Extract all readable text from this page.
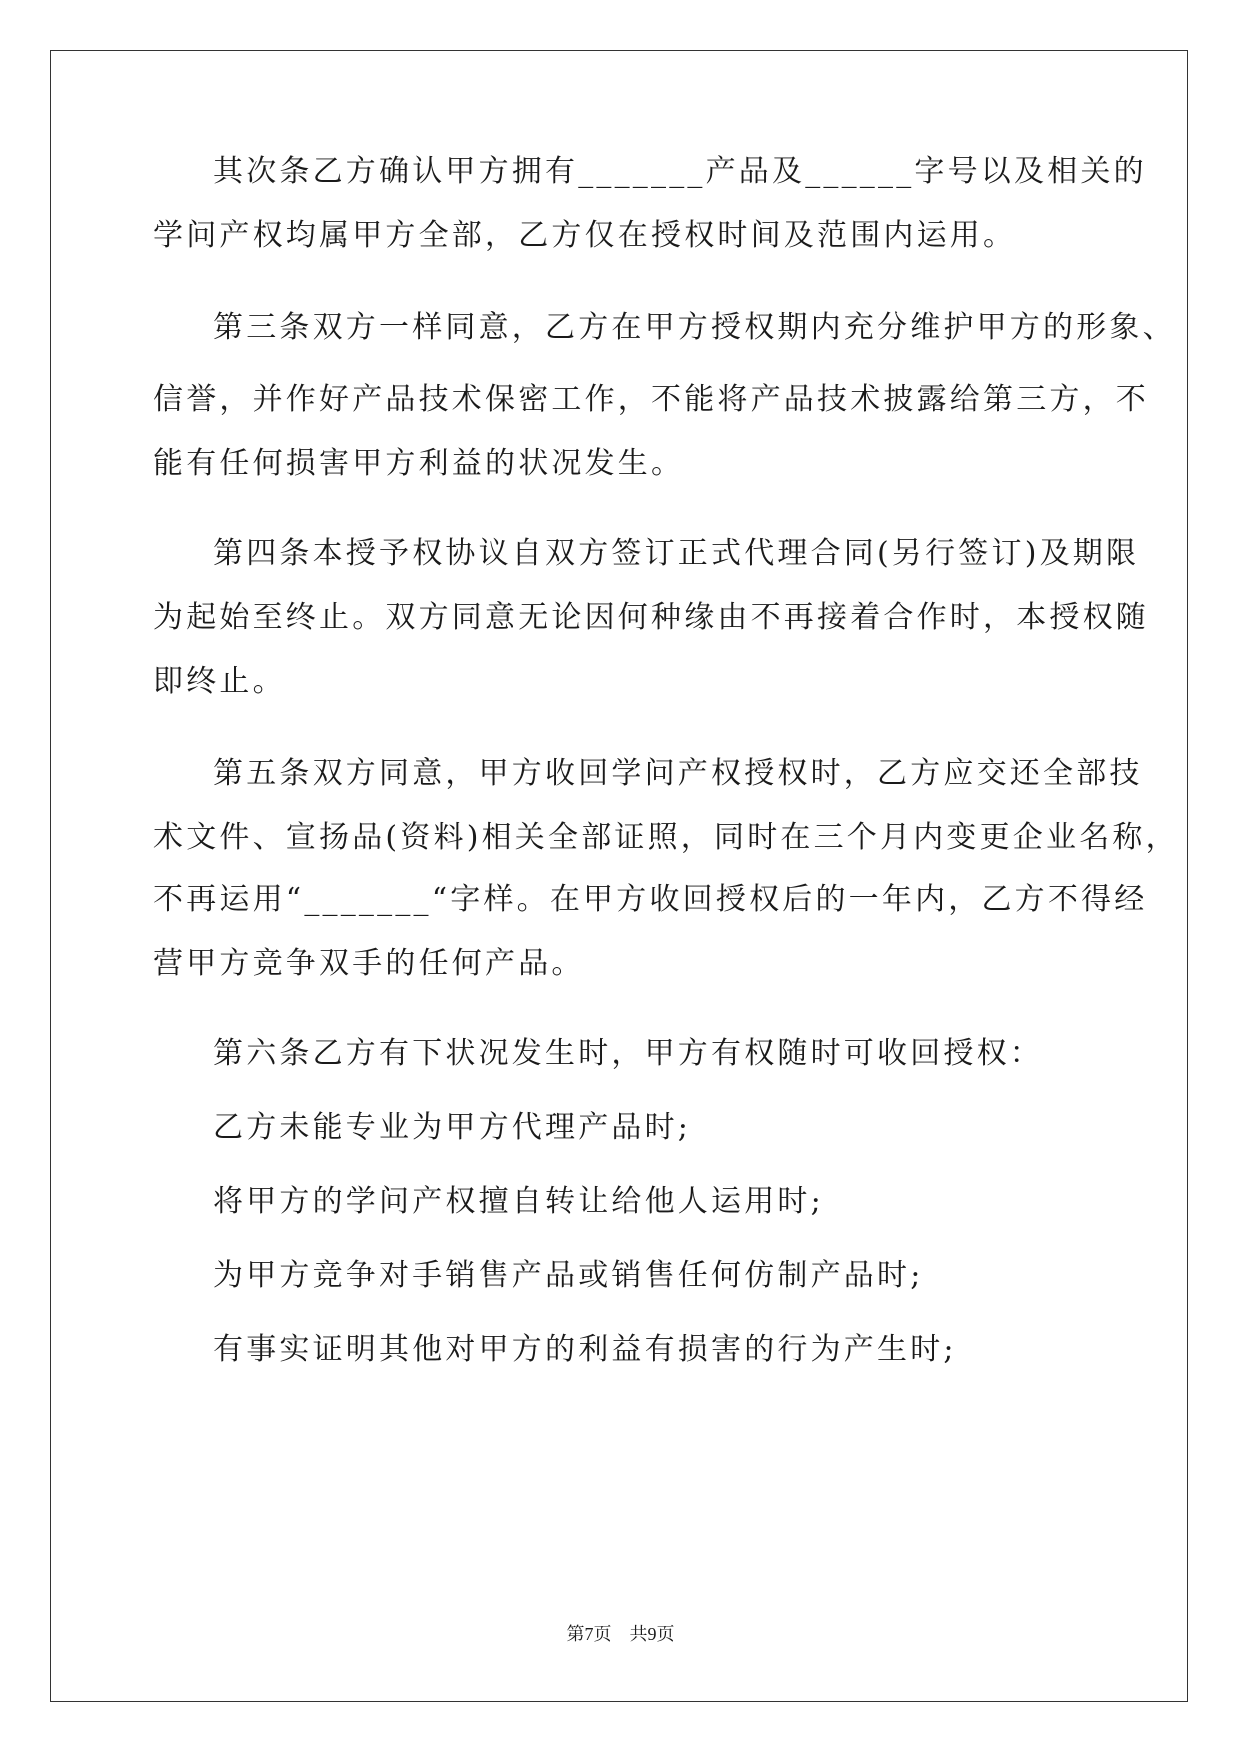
其次条乙方确认甲方拥有_______产品及______字号以及相关的
学问产权均属甲方全部，乙方仅在授权时间及范围内运用。
第三条双方一样同意，乙方在甲方授权期内充分维护甲方的形象、
信誉，并作好产品技术保密工作，不能将产品技术披露给第三方，不
能有任何损害甲方利益的状况发生。
第四条本授予权协议自双方签订正式代理合同(另行签订)及期限
为起始至终止。双方同意无论因何种缘由不再接着合作时，本授权随
即终止。
第五条双方同意，甲方收回学问产权授权时，乙方应交还全部技
术文件、宣扬品(资料)相关全部证照，同时在三个月内变更企业名称，
不再运用“_______“字样。在甲方收回授权后的一年内，乙方不得经
营甲方竞争双手的任何产品。
第六条乙方有下状况发生时，甲方有权随时可收回授权：
乙方未能专业为甲方代理产品时;
将甲方的学问产权擅自转让给他人运用时;
为甲方竞争对手销售产品或销售任何仿制产品时;
有事实证明其他对甲方的利益有损害的行为产生时;
第7页　共9页
